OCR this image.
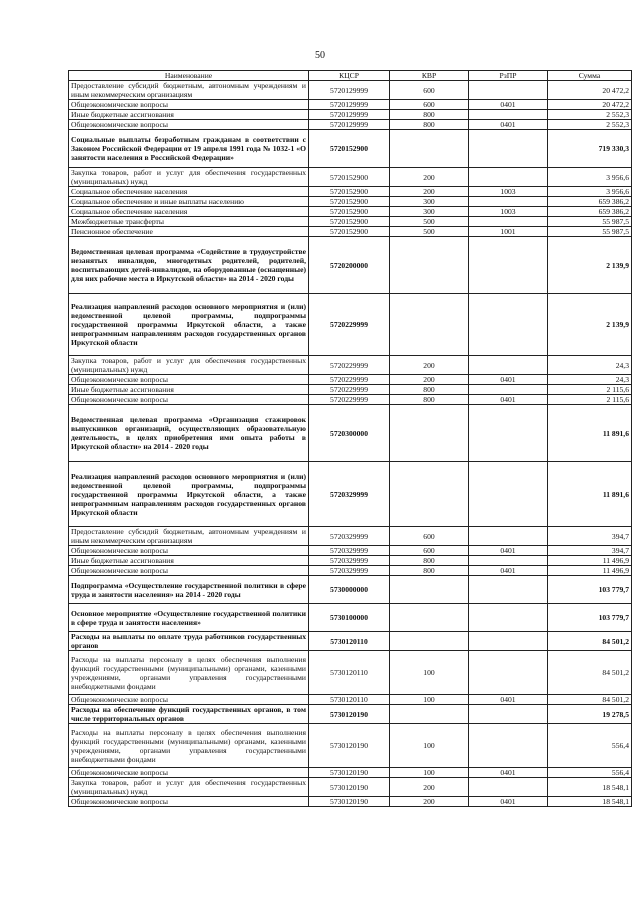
50
Наименование	КЦСР	КВР	РзПР	Сумма
Предоставление субсидий бюджетным, автономным учреждениям и иным некоммерческим организациям	5720129999	600		20 472,2
Общеэкономические вопросы	5720129999	600	0401	20 472,2
Иные бюджетные ассигнования	5720129999	800		2 552,3
Общеэкономические вопросы	5720129999	800	0401	2 552,3
Социальные выплаты безработным гражданам в соответствии с Законом Российской Федерации от 19 апреля 1991 года № 1032-1 «О занятости населения в Российской Федерации»	5720152900			719 330,3
Закупка товаров, работ и услуг для обеспечения государственных (муниципальных) нужд	5720152900	200		3 956,6
Социальное обеспечение населения	5720152900	200	1003	3 956,6
Социальное обеспечение и иные выплаты населению	5720152900	300		659 386,2
Социальное обеспечение населения	5720152900	300	1003	659 386,2
Межбюджетные трансферты	5720152900	500		55 987,5
Пенсионное обеспечение	5720152900	500	1001	55 987,5
Ведомственная целевая программа «Содействие в трудоустройстве незанятых инвалидов, многодетных родителей, родителей, воспитывающих детей-инвалидов, на оборудованные (оснащенные) для них рабочие места в Иркутской области» на 2014 - 2020 годы	5720200000			2 139,9
Реализация направлений расходов основного мероприятия и (или) ведомственной целевой программы, подпрограммы государственной программы Иркутской области, а также непрограммным направлениям расходов государственных органов Иркутской области	5720229999			2 139,9
Закупка товаров, работ и услуг для обеспечения государственных (муниципальных) нужд	5720229999	200		24,3
Общеэкономические вопросы	5720229999	200	0401	24,3
Иные бюджетные ассигнования	5720229999	800		2 115,6
Общеэкономические вопросы	5720229999	800	0401	2 115,6
Ведомственная целевая программа «Организация стажировок выпускников организаций, осуществляющих образовательную деятельность, в целях приобретения ими опыта работы в Иркутской области» на 2014 - 2020 годы	5720300000			11 891,6
Реализация направлений расходов основного мероприятия и (или) ведомственной целевой программы, подпрограммы государственной программы Иркутской области, а также непрограммным направлениям расходов государственных органов Иркутской области	5720329999			11 891,6
Предоставление субсидий бюджетным, автономным учреждениям и иным некоммерческим организациям	5720329999	600		394,7
Общеэкономические вопросы	5720329999	600	0401	394,7
Иные бюджетные ассигнования	5720329999	800		11 496,9
Общеэкономические вопросы	5720329999	800	0401	11 496,9
Подпрограмма «Осуществление государственной политики в сфере труда и занятости населения» на 2014 - 2020 годы	5730000000			103 779,7
Основное мероприятие «Осуществление государственной политики в сфере труда и занятости населения»	5730100000			103 779,7
Расходы на выплаты по оплате труда работников государственных органов	5730120110			84 501,2
Расходы на выплаты персоналу в целях обеспечения выполнения функций государственными (муниципальными) органами, казенными учреждениями, органами управления государственными внебюджетными фондами	5730120110	100		84 501,2
Общеэкономические вопросы	5730120110	100	0401	84 501,2
Расходы на обеспечение функций государственных органов, в том числе территориальных органов	5730120190			19 278,5
Расходы на выплаты персоналу в целях обеспечения выполнения функций государственными (муниципальными) органами, казенными учреждениями, органами управления государственными внебюджетными фондами	5730120190	100		556,4
Общеэкономические вопросы	5730120190	100	0401	556,4
Закупка товаров, работ и услуг для обеспечения государственных (муниципальных) нужд	5730120190	200		18 548,1
Общеэкономические вопросы	5730120190	200	0401	18 548,1
